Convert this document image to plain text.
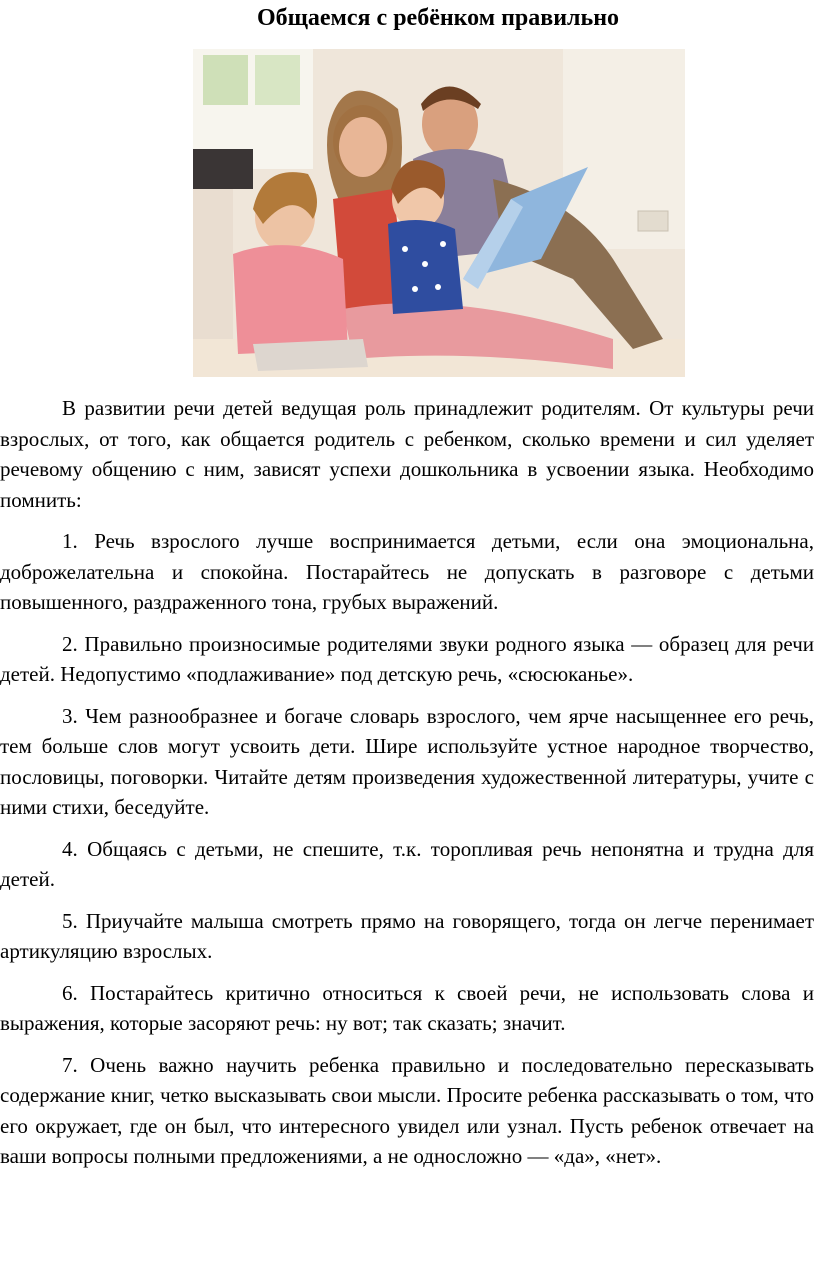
Общаемся с ребёнком правильно

В развитии речи детей ведущая роль принадлежит родителям. От культуры речи взрослых, от того, как общается родитель с ребенком, сколько времени и сил уделяет речевому общению с ним, зависят успехи дошкольника в усвоении языка. Необходимо помнить:

1. Речь взрослого лучше воспринимается детьми, если она эмоциональна, доброжелательна и спокойна. Постарайтесь не допускать в разговоре с детьми повышенного, раздраженного тона, грубых выражений.

2. Правильно произносимые родителями звуки родного языка — образец для речи детей. Недопустимо «подлаживание» под детскую речь, «сюсюканье».

3. Чем разнообразнее и богаче словарь взрослого, чем ярче насыщеннее его речь, тем больше слов могут усвоить дети. Шире используйте устное народное творчество, пословицы, поговорки. Читайте детям произведения художественной литературы, учите с ними стихи, беседуйте.

4. Общаясь с детьми, не спешите, т.к. торопливая речь непонятна и трудна для детей.

5. Приучайте малыша смотреть прямо на говорящего, тогда он легче перенимает артикуляцию взрослых.

6. Постарайтесь критично относиться к своей речи, не использовать слова и выражения, которые засоряют речь: ну вот; так сказать; значит.

7. Очень важно научить ребенка правильно и последовательно пересказывать содержание книг, четко высказывать свои мысли. Просите ребенка рассказывать о том, что его окружает, где он был, что интересного увидел или узнал. Пусть ребенок отвечает на ваши вопросы полными предложениями, а не односложно — «да», «нет».
